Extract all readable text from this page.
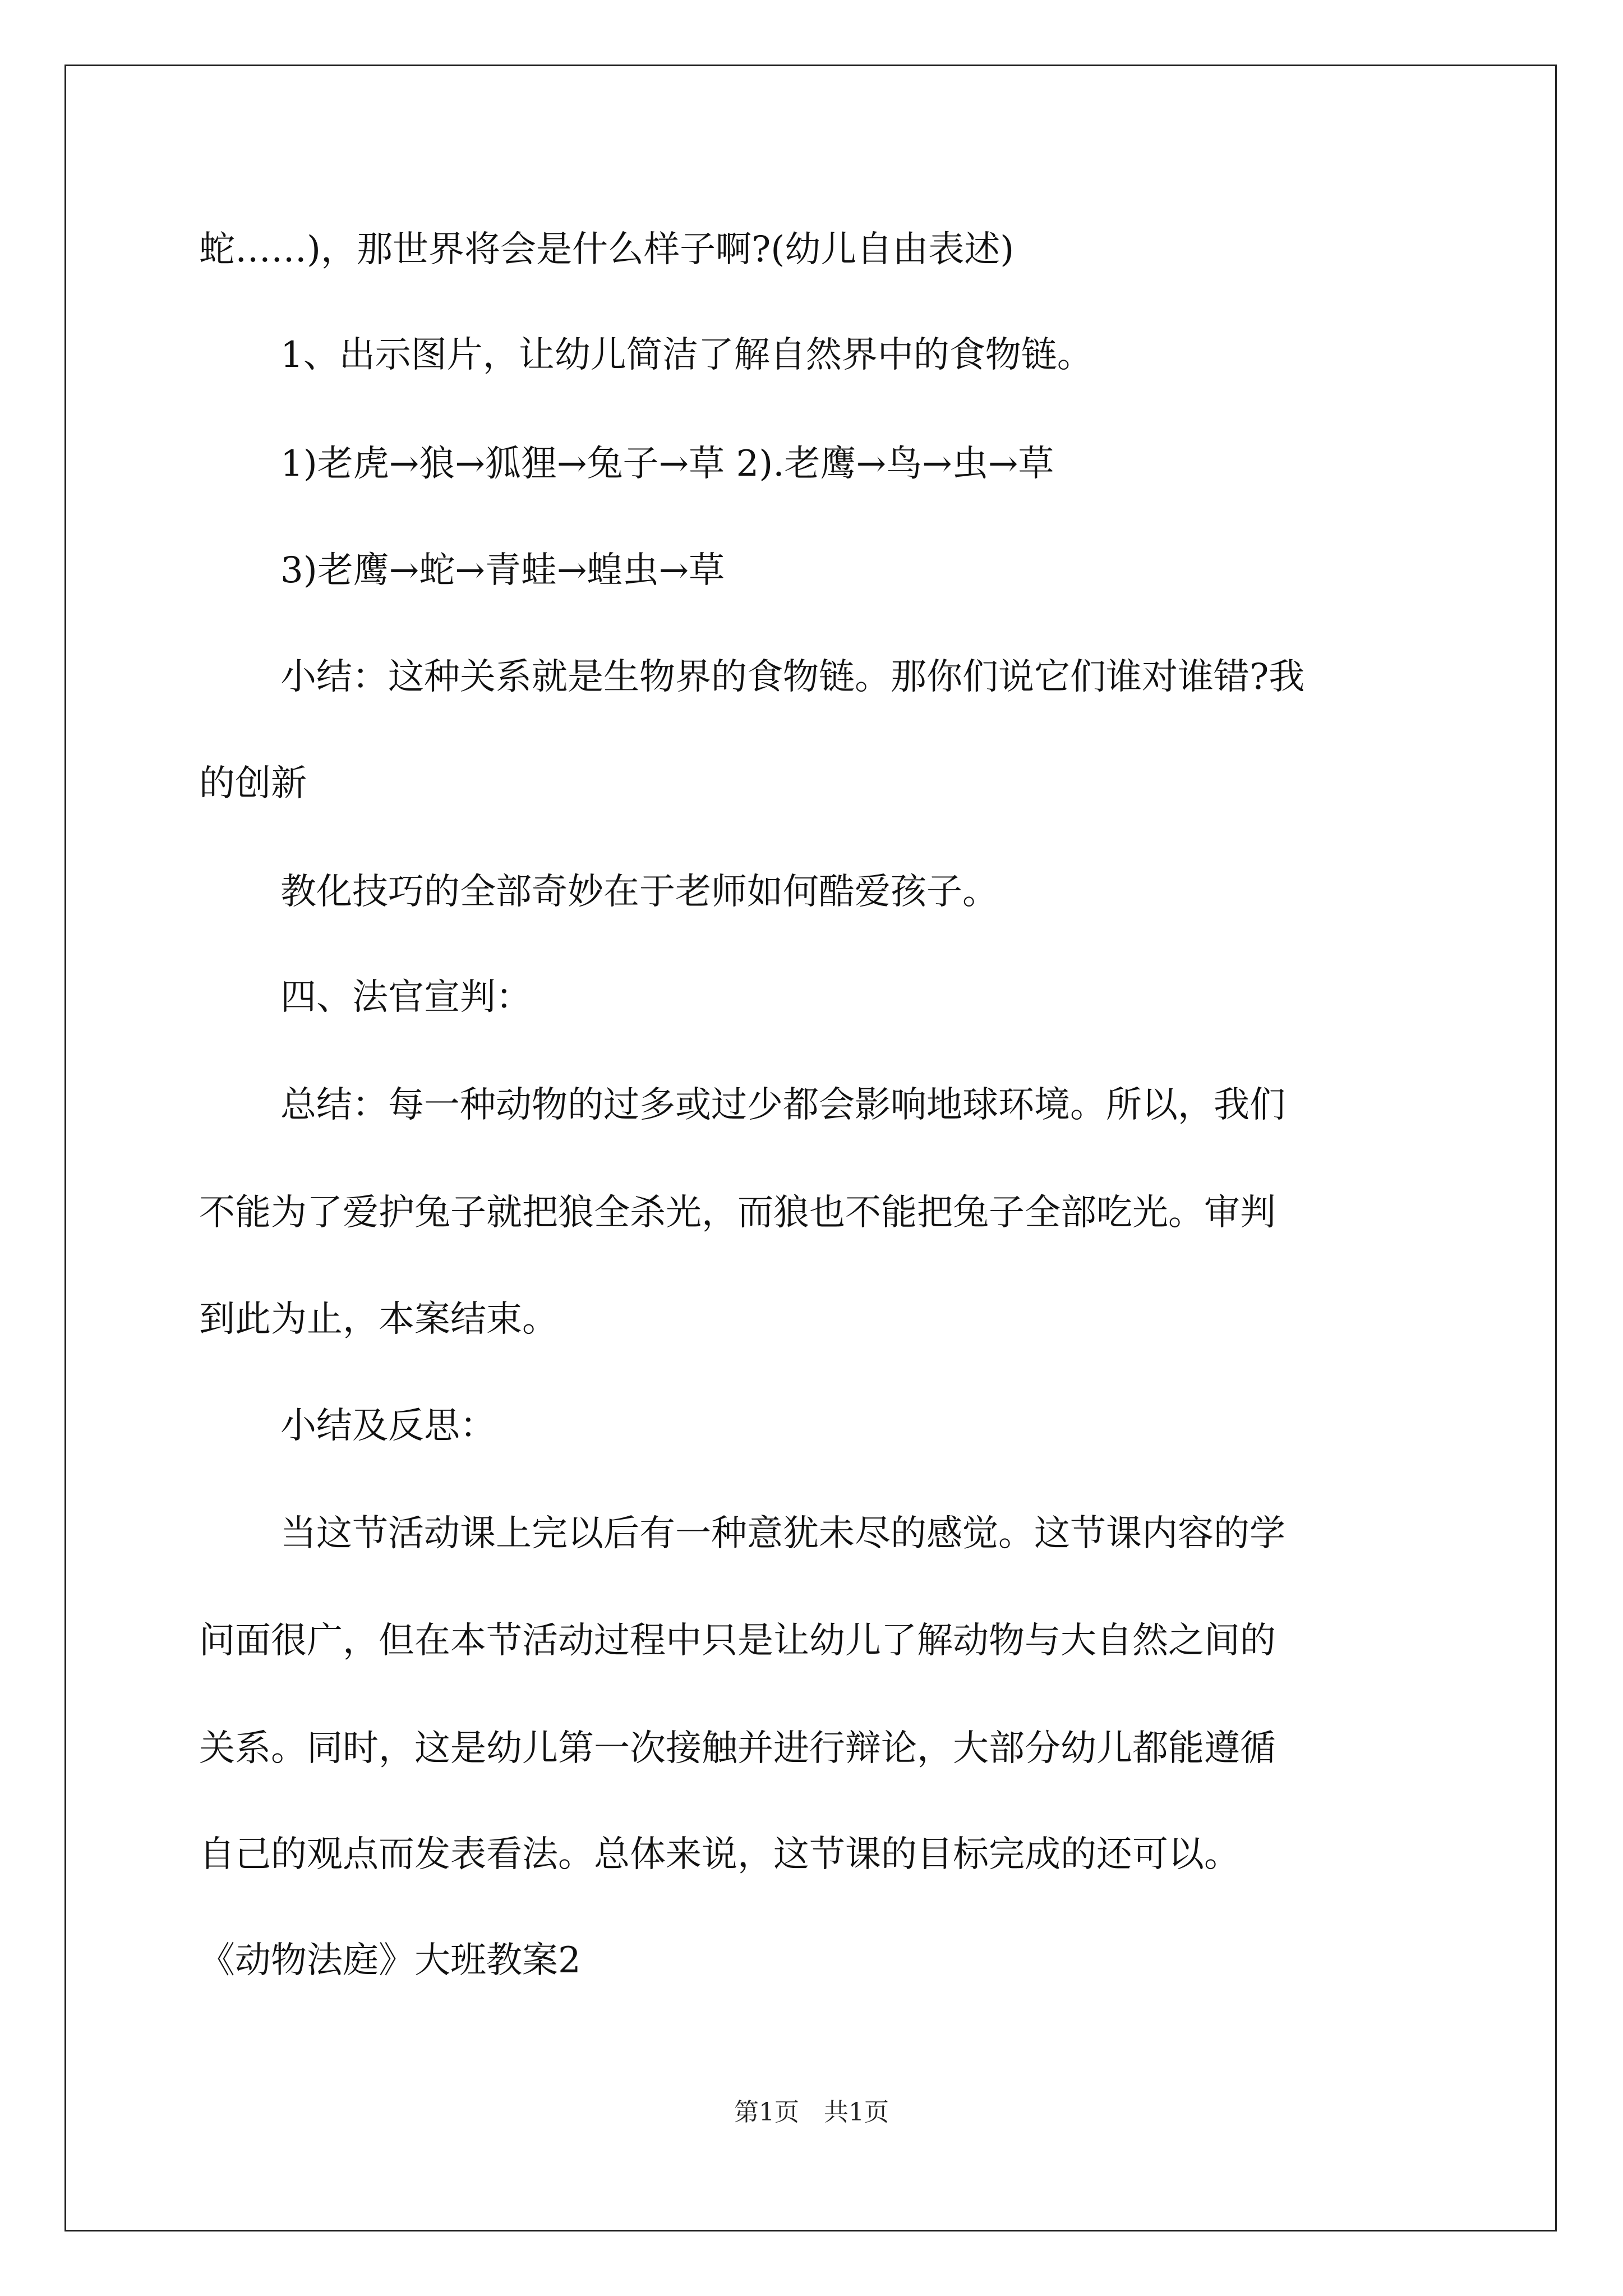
蛇……)，那世界将会是什么样子啊?(幼儿自由表述)
1、出示图片，让幼儿简洁了解自然界中的食物链。
1)老虎→狼→狐狸→兔子→草 2).老鹰→鸟→虫→草
3)老鹰→蛇→青蛙→蝗虫→草
小结：这种关系就是生物界的食物链。那你们说它们谁对谁错?我
的创新
教化技巧的全部奇妙在于老师如何酷爱孩子。
四、法官宣判：
总结：每一种动物的过多或过少都会影响地球环境。所以，我们
不能为了爱护兔子就把狼全杀光，而狼也不能把兔子全部吃光。审判
到此为止，本案结束。
小结及反思：
当这节活动课上完以后有一种意犹未尽的感觉。这节课内容的学
问面很广，但在本节活动过程中只是让幼儿了解动物与大自然之间的
关系。同时，这是幼儿第一次接触并进行辩论，大部分幼儿都能遵循
自己的观点而发表看法。总体来说，这节课的目标完成的还可以。
《动物法庭》大班教案2
第1页　共1页
